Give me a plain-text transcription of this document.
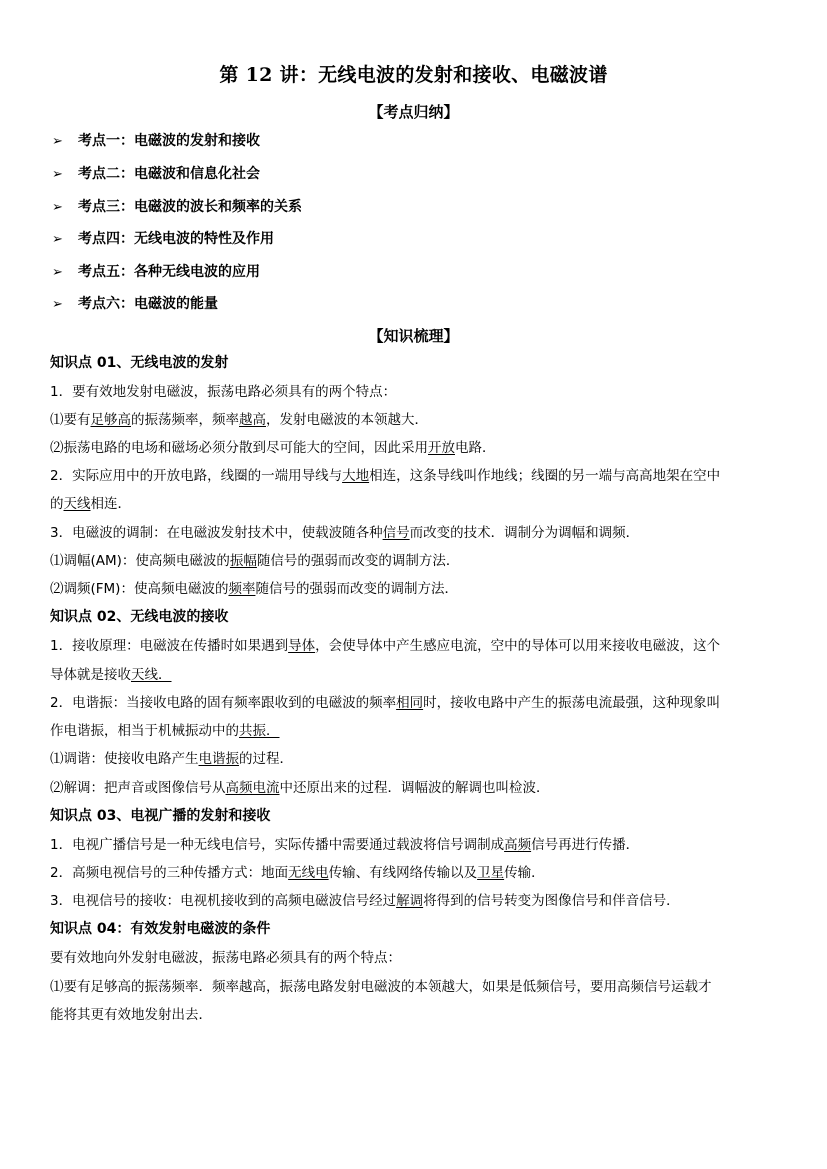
第 12 讲：无线电波的发射和接收、电磁波谱
【考点归纳】
➢ 考点一：电磁波的发射和接收
➢ 考点二：电磁波和信息化社会
➢ 考点三：电磁波的波长和频率的关系
➢ 考点四：无线电波的特性及作用
➢ 考点五：各种无线电波的应用
➢ 考点六：电磁波的能量
【知识梳理】
知识点 01、无线电波的发射
1．要有效地发射电磁波，振荡电路必须具有的两个特点：
⑴要有足够高的振荡频率，频率越高，发射电磁波的本领越大．
⑵振荡电路的电场和磁场必须分散到尽可能大的空间，因此采用开放电路．
2．实际应用中的开放电路，线圈的一端用导线与大地相连，这条导线叫作地线；线圈的另一端与高高地架在空中
的天线相连．
3．电磁波的调制：在电磁波发射技术中，使载波随各种信号而改变的技术．调制分为调幅和调频．
⑴调幅(AM)：使高频电磁波的振幅随信号的强弱而改变的调制方法．
⑵调频(FM)：使高频电磁波的频率随信号的强弱而改变的调制方法．
知识点 02、无线电波的接收
1．接收原理：电磁波在传播时如果遇到导体，会使导体中产生感应电流，空中的导体可以用来接收电磁波，这个
导体就是接收天线．
2．电谐振：当接收电路的固有频率跟收到的电磁波的频率相同时，接收电路中产生的振荡电流最强，这种现象叫
作电谐振，相当于机械振动中的共振．
⑴调谐：使接收电路产生电谐振的过程．
⑵解调：把声音或图像信号从高频电流中还原出来的过程．调幅波的解调也叫检波．
知识点 03、电视广播的发射和接收
1．电视广播信号是一种无线电信号，实际传播中需要通过载波将信号调制成高频信号再进行传播．
2．高频电视信号的三种传播方式：地面无线电传输、有线网络传输以及卫星传输．
3．电视信号的接收：电视机接收到的高频电磁波信号经过解调将得到的信号转变为图像信号和伴音信号．
知识点 04：有效发射电磁波的条件
要有效地向外发射电磁波，振荡电路必须具有的两个特点：
⑴要有足够高的振荡频率．频率越高，振荡电路发射电磁波的本领越大，如果是低频信号，要用高频信号运载才
能将其更有效地发射出去．
